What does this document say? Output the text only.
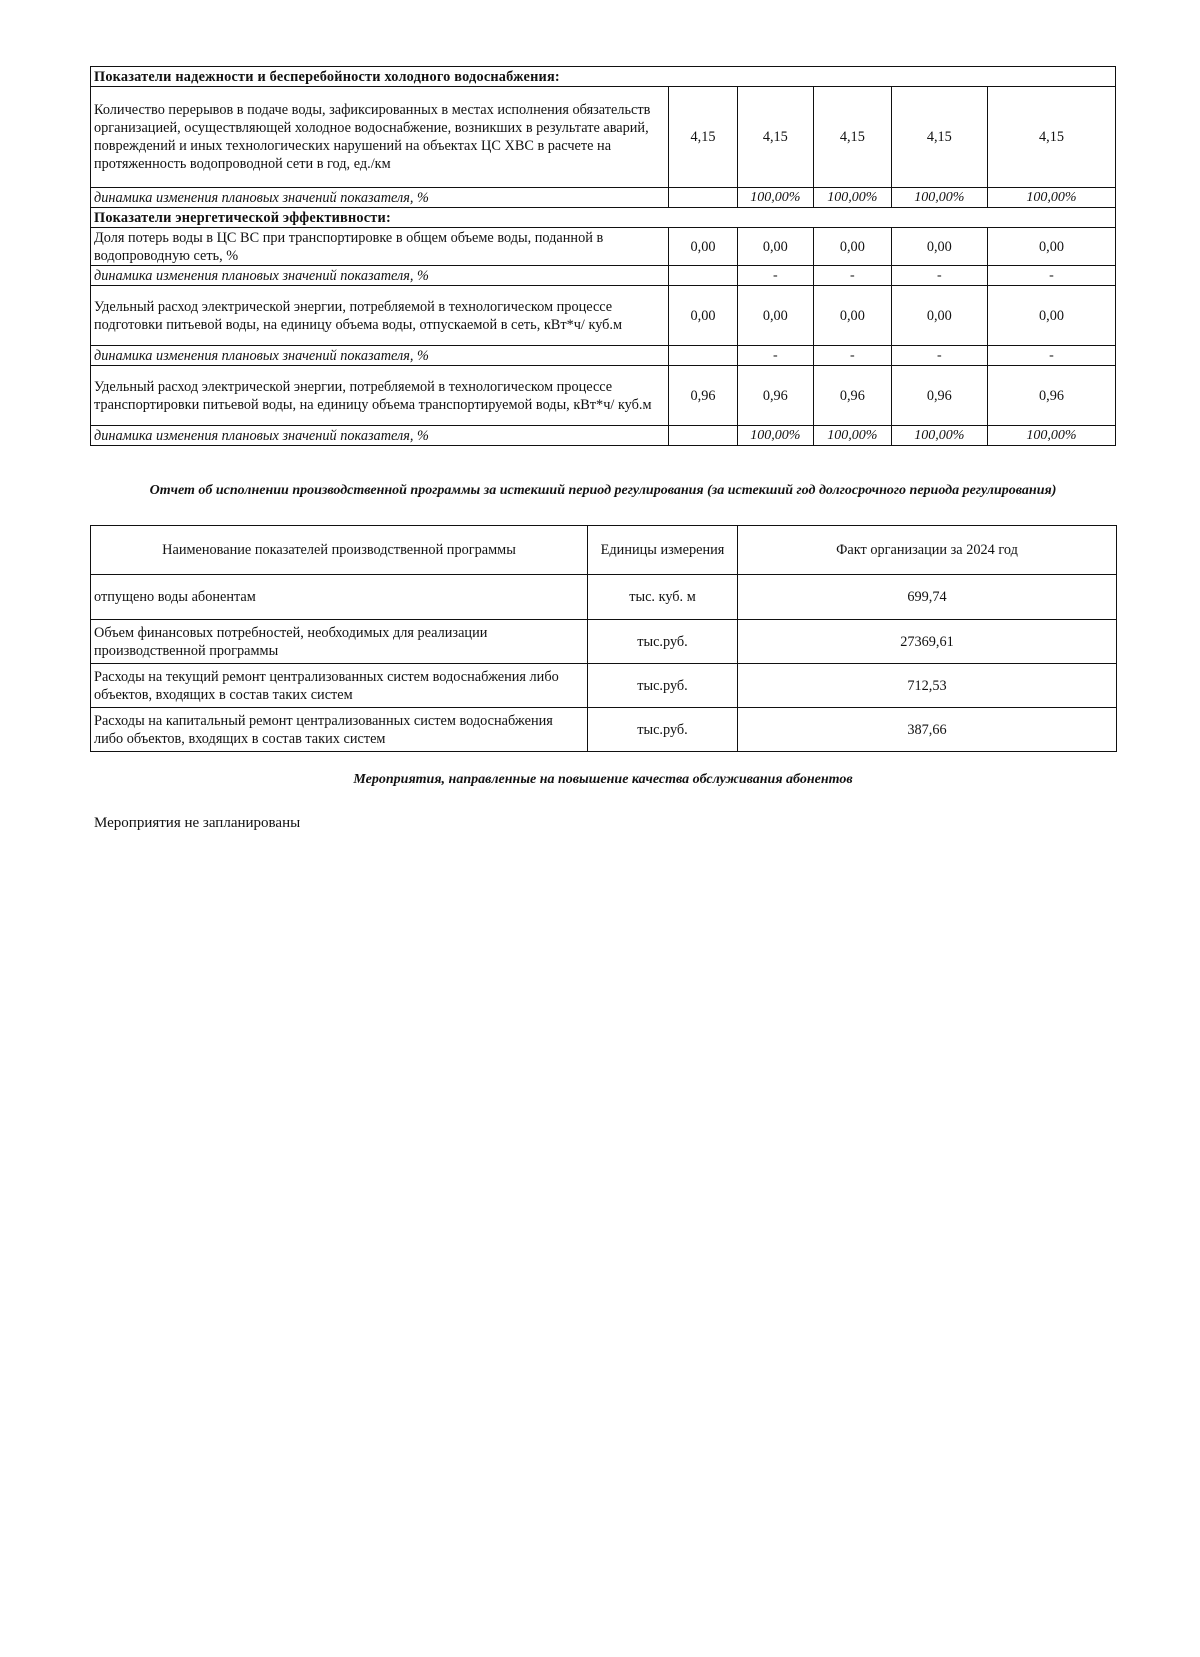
Показатели надежности и бесперебойности холодного водоснабжения:					
Количество перерывов в подаче воды, зафиксированных в местах исполнения обязательств организацией, осуществляющей холодное водоснабжение, возникших в результате аварий, повреждений и иных технологических нарушений на объектах ЦС ХВС в расчете на протяженность водопроводной сети в год, ед./км	4,15	4,15	4,15	4,15	4,15
динамика изменения плановых значений показателя, %		100,00%	100,00%	100,00%	100,00%
Показатели энергетической эффективности:					
Доля потерь воды в ЦС ВС при транспортировке в общем объеме воды, поданной в водопроводную сеть, %	0,00	0,00	0,00	0,00	0,00
динамика изменения плановых значений показателя, %		-	-	-	-
Удельный расход электрической энергии, потребляемой в технологическом процессе подготовки питьевой воды, на единицу объема воды, отпускаемой в сеть, кВт*ч/ куб.м	0,00	0,00	0,00	0,00	0,00
динамика изменения плановых значений показателя, %		-	-	-	-
Удельный расход электрической энергии, потребляемой в технологическом процессе транспортировки питьевой воды, на единицу объема транспортируемой воды, кВт*ч/ куб.м	0,96	0,96	0,96	0,96	0,96
динамика изменения плановых значений показателя, %		100,00%	100,00%	100,00%	100,00%
Отчет об исполнении производственной программы за истекший период регулирования (за истекший год долгосрочного периода регулирования)
Наименование показателей производственной программы	Единицы измерения	Факт организации за 2024 год
отпущено воды абонентам	тыс. куб. м	699,74
Объем финансовых потребностей, необходимых для реализации производственной программы	тыс.руб.	27369,61
Расходы на текущий ремонт централизованных систем водоснабжения либо объектов, входящих в состав таких систем	тыс.руб.	712,53
Расходы на капитальный ремонт централизованных систем водоснабжения либо объектов, входящих в состав таких систем	тыс.руб.	387,66
Мероприятия, направленные на повышение качества обслуживания абонентов
Мероприятия не запланированы
